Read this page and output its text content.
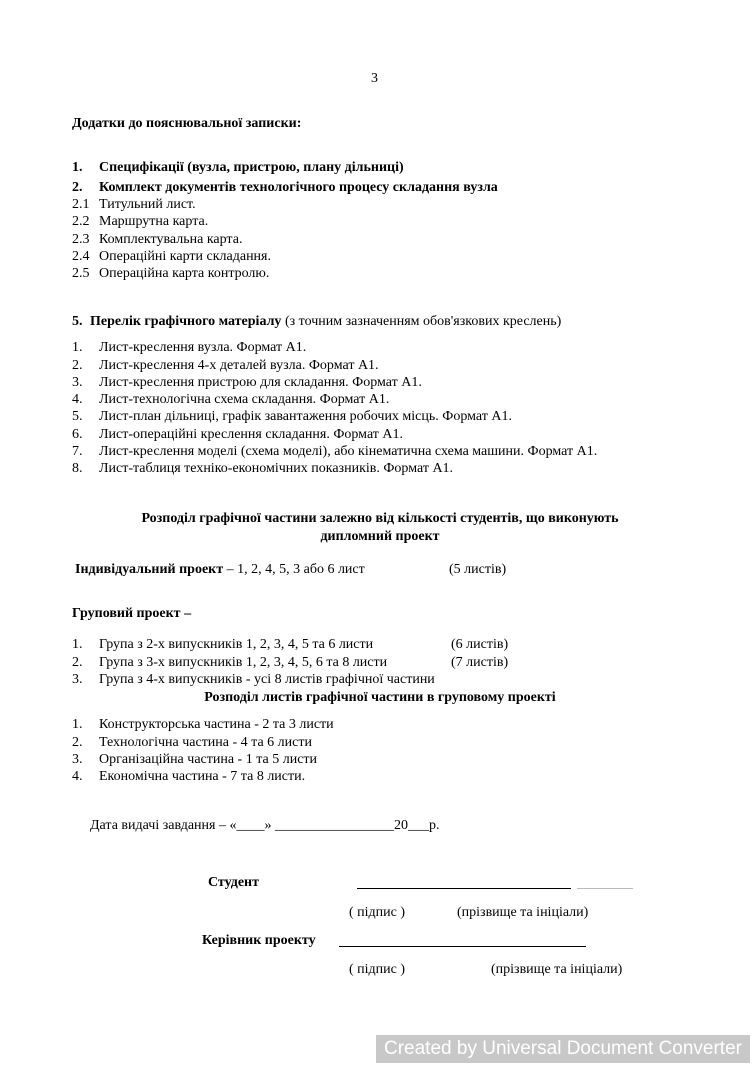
3
Додатки до пояснювальної записки:
1. Специфікації (вузла, пристрою, плану дільниці)
2. Комплект документів технологічного процесу складання вузла
2.1 Титульний лист.
2.2 Маршрутна карта.
2.3 Комплектувальна карта.
2.4 Операційні карти складання.
2.5 Операційна карта контролю.
5. Перелік графічного матеріалу (з точним зазначенням обов'язкових креслень)
1. Лист-креслення вузла. Формат А1.
2. Лист-креслення 4-х деталей вузла. Формат А1.
3. Лист-креслення пристрою для складання. Формат А1.
4. Лист-технологічна схема складання. Формат А1.
5. Лист-план дільниці, графік завантаження робочих місць. Формат А1.
6. Лист-операційні креслення складання. Формат А1.
7. Лист-креслення моделі (схема моделі), або кінематична схема машини. Формат А1.
8. Лист-таблиця техніко-економічних показників. Формат А1.
Розподіл графічної частини залежно від кількості студентів, що виконують
дипломний проект
Індивідуальний проект – 1, 2, 4, 5, 3 або 6 лист	(5 листів)
Груповий проект –
1. Група з 2-х випускників 1, 2, 3, 4, 5 та 6 листи	(6 листів)
2. Група з 3-х випускників 1, 2, 3, 4, 5, 6 та 8 листи	(7 листів)
3. Група з 4-х випускників - усі 8 листів графічної частини
Розподіл листів графічної частини в груповому проекті
1. Конструкторська частина - 2 та 3 листи
2. Технологічна частина - 4 та 6 листи
3. Організаційна частина - 1 та 5 листи
4. Економічна частина - 7 та 8 листи.
Дата видачі завдання – «____» _________________20___р.
Студент
( підпис )	(прізвище та ініціали)
Керівник проекту
( підпис )	(прізвище та ініціали)
Created by Universal Document Converter
